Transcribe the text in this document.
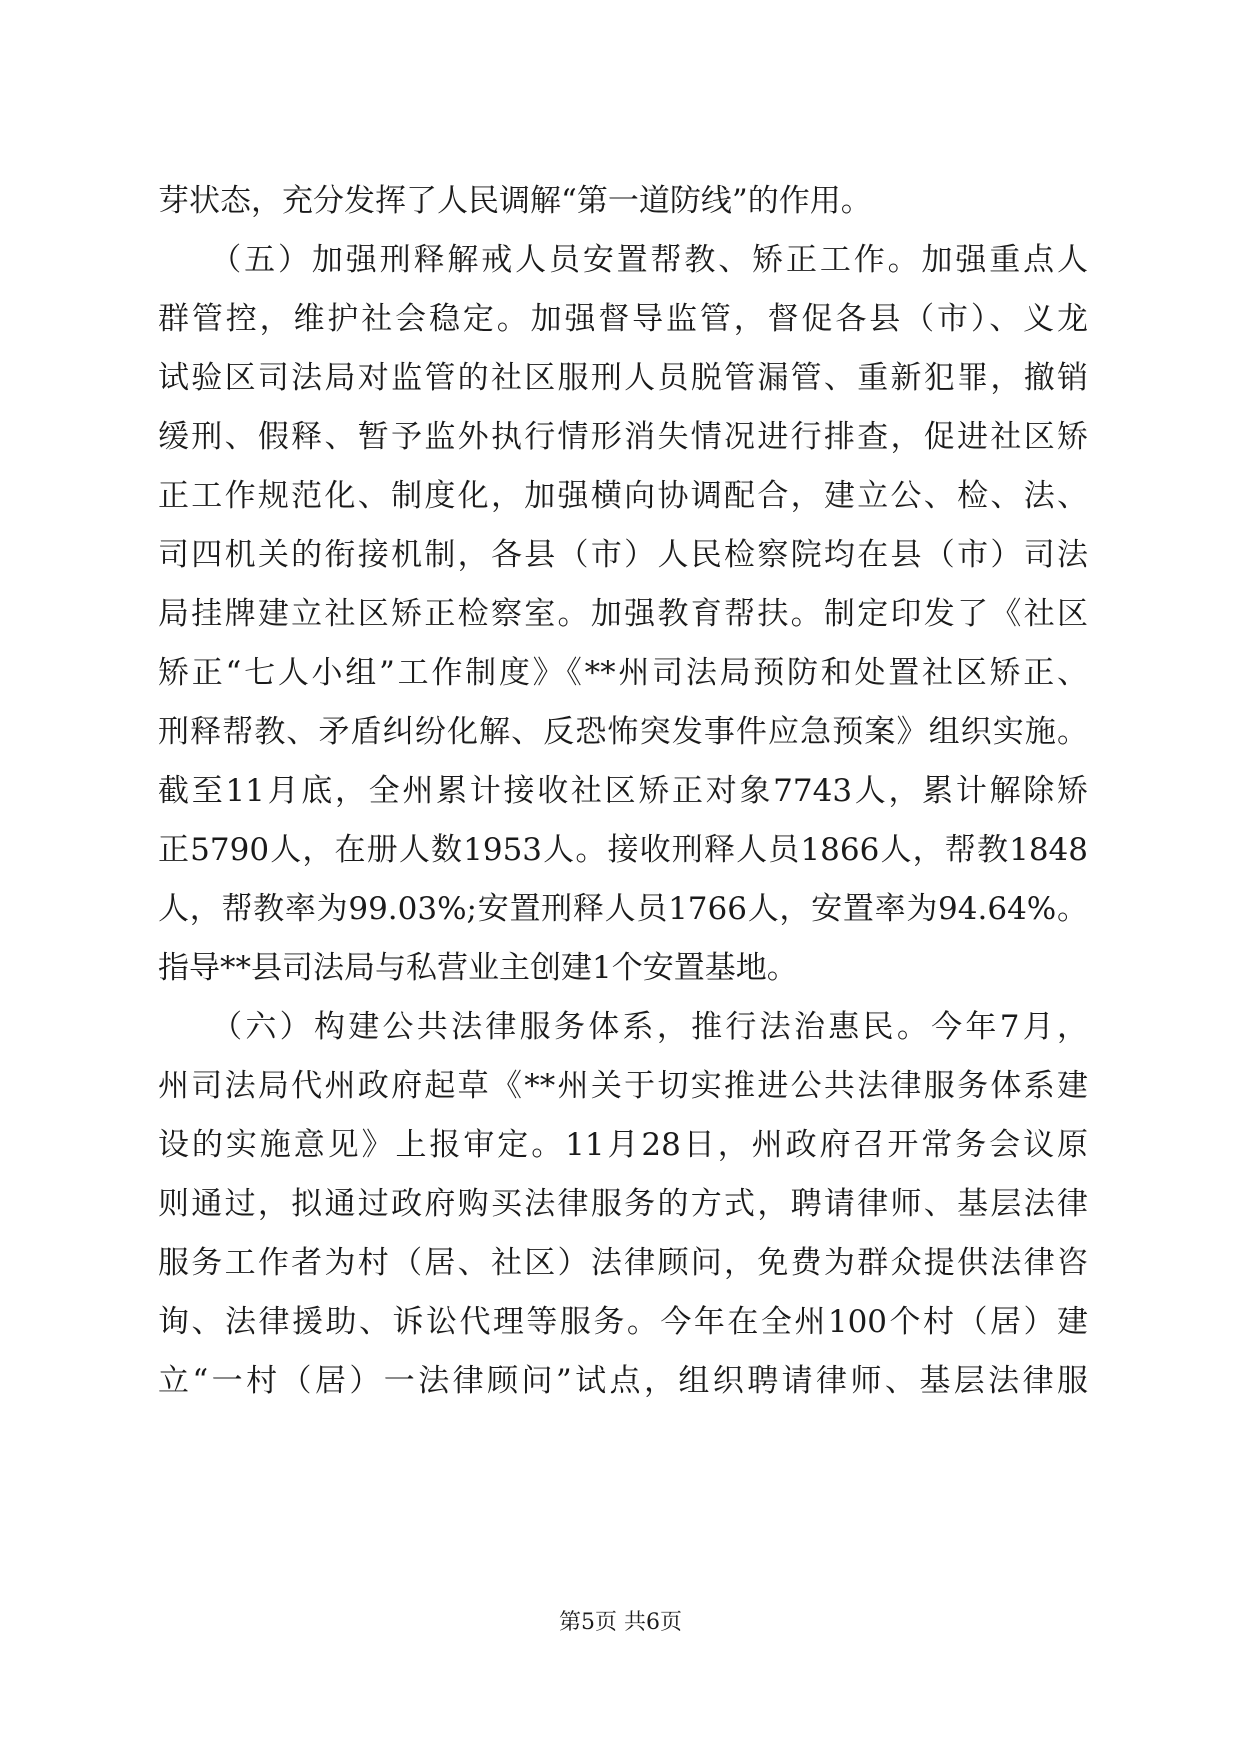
芽状态，充分发挥了人民调解“第一道防线”的作用。
　　（五）加强刑释解戒人员安置帮教、矫正工作。加强重点人
群管控，维护社会稳定。加强督导监管，督促各县（市）、义龙
试验区司法局对监管的社区服刑人员脱管漏管、重新犯罪，撤销
缓刑、假释、暂予监外执行情形消失情况进行排查，促进社区矫
正工作规范化、制度化，加强横向协调配合，建立公、检、法、
司四机关的衔接机制，各县（市）人民检察院均在县（市）司法
局挂牌建立社区矫正检察室。加强教育帮扶。制定印发了《社区
矫正“七人小组”工作制度》《**州司法局预防和处置社区矫正、
刑释帮教、矛盾纠纷化解、反恐怖突发事件应急预案》组织实施。
截至11月底，全州累计接收社区矫正对象7743人，累计解除矫
正5790人，在册人数1953人。接收刑释人员1866人，帮教1848
人，帮教率为99.03%;安置刑释人员1766人，安置率为94.64%。
指导**县司法局与私营业主创建1个安置基地。
　　（六）构建公共法律服务体系，推行法治惠民。今年7月，
州司法局代州政府起草《**州关于切实推进公共法律服务体系建
设的实施意见》上报审定。11月28日，州政府召开常务会议原
则通过，拟通过政府购买法律服务的方式，聘请律师、基层法律
服务工作者为村（居、社区）法律顾问，免费为群众提供法律咨
询、法律援助、诉讼代理等服务。今年在全州100个村（居）建
立“一村（居）一法律顾问”试点，组织聘请律师、基层法律服
第5页 共6页
